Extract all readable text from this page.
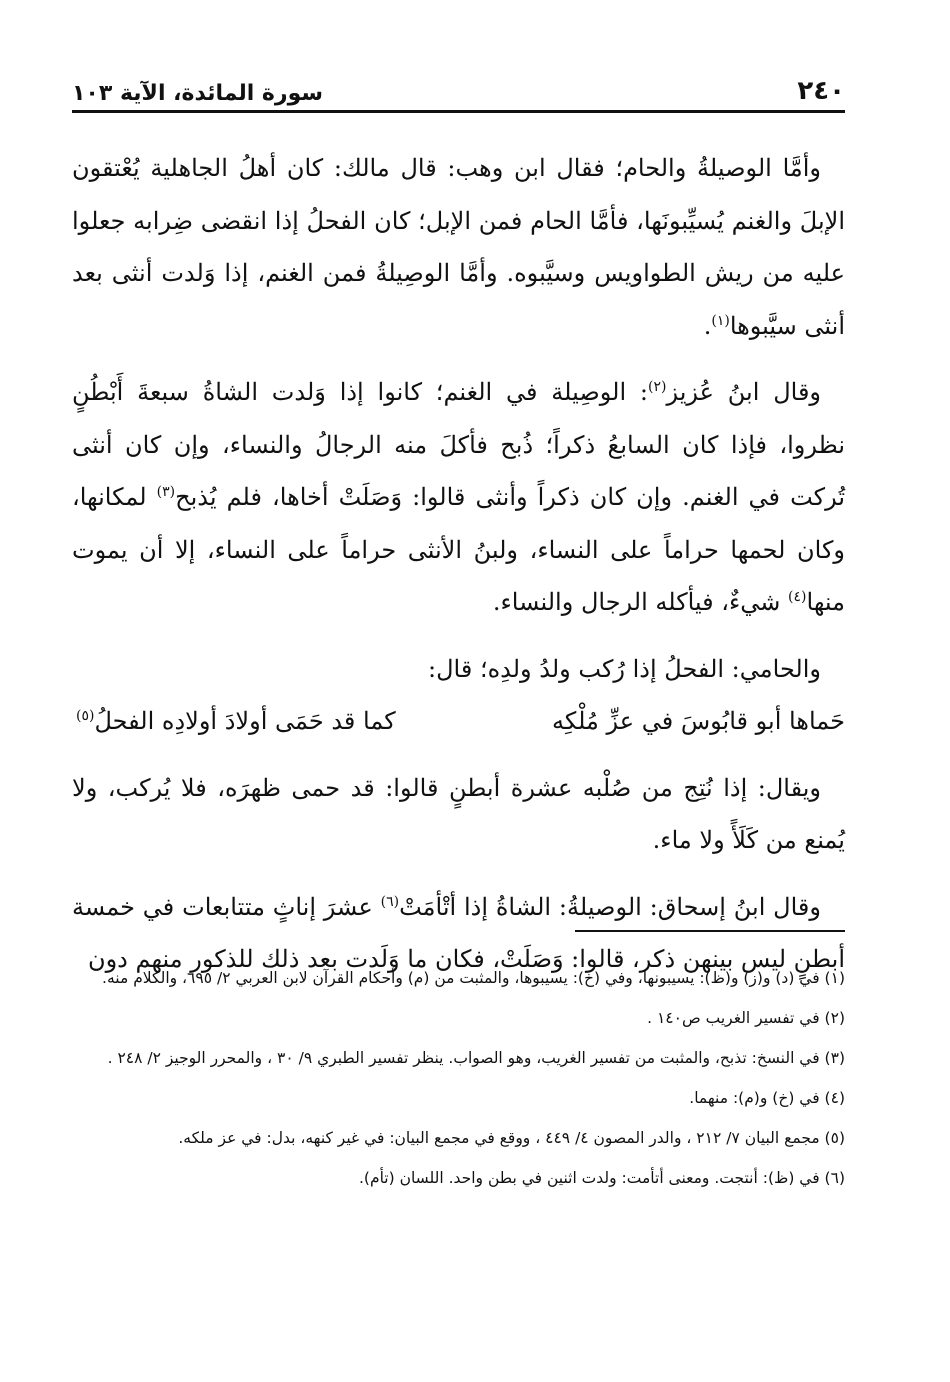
٢٤٠
سورة المائدة، الآية ١٠٣

وأمَّا الوصيلةُ والحام؛ فقال ابن وهب: قال مالك: كان أهلُ الجاهلية يُعْتقون الإبلَ والغنم يُسيِّبونَها، فأمَّا الحام فمن الإبل؛ كان الفحلُ إذا انقضى ضِرابه جعلوا عليه من ريش الطواويس وسيَّبوه. وأمَّا الوصِيلةُ فمن الغنم، إذا وَلدت أنثى بعد أنثى سيَّبوها$^{(١)}$.

وقال ابنُ عُزيز$^{(٢)}$: الوصِيلة في الغنم؛ كانوا إذا وَلدت الشاةُ سبعةَ أَبْطُنٍ نظروا، فإذا كان السابعُ ذكراً؛ ذُبح فأكلَ منه الرجالُ والنساء، وإن كان أنثى تُركت في الغنم. وإن كان ذكراً وأنثى قالوا: وَصَلَتْ أخاها، فلم يُذبح$^{(٣)}$ لمكانها، وكان لحمها حراماً على النساء، ولبنُ الأنثى حراماً على النساء، إلا أن يموت منها$^{(٤)}$ شيءٌ، فيأكله الرجال والنساء.

والحامي: الفحلُ إذا رُكب ولدُ ولدِه؛ قال:

حَماها أبو قابُوسَ في عزِّ مُلْكِه
كما قد حَمَى أولادَ أولادِه الفحلُ$^{(٥)}$

ويقال: إذا نُتِج من صُلْبه عشرة أبطنٍ قالوا: قد حمى ظهرَه، فلا يُركب، ولا يُمنع من كَلَأً ولا ماء.

وقال ابنُ إسحاق: الوصيلةُ: الشاةُ إذا أتْأمَتْ$^{(٦)}$ عشرَ إناثٍ متتابعات في خمسة أبطنٍ ليس بينهن ذكر، قالوا: وَصَلَتْ، فكان ما وَلَدت بعد ذلك للذكور منهم دون

(١) في (د) و(ز) و(ظ): يسيبونها، وفي (خ): يسيبوها، والمثبت من (م) وأحكام القرآن لابن العربي ٢/ ٦٩٥، والكلام منه.

(٢) في تفسير الغريب ص١٤٠ .

(٣) في النسخ: تذبح، والمثبت من تفسير الغريب، وهو الصواب. ينظر تفسير الطبري ٩/ ٣٠ ، والمحرر الوجيز ٢/ ٢٤٨ .

(٤) في (خ) و(م): منهما.

(٥) مجمع البيان ٧/ ٢١٢ ، والدر المصون ٤/ ٤٤٩ ، ووقع في مجمع البيان: في غير كنهه، بدل: في عز ملكه.

(٦) في (ظ): أنتجت. ومعنى أتأمت: ولدت اثنين في بطن واحد. اللسان (تأم).
